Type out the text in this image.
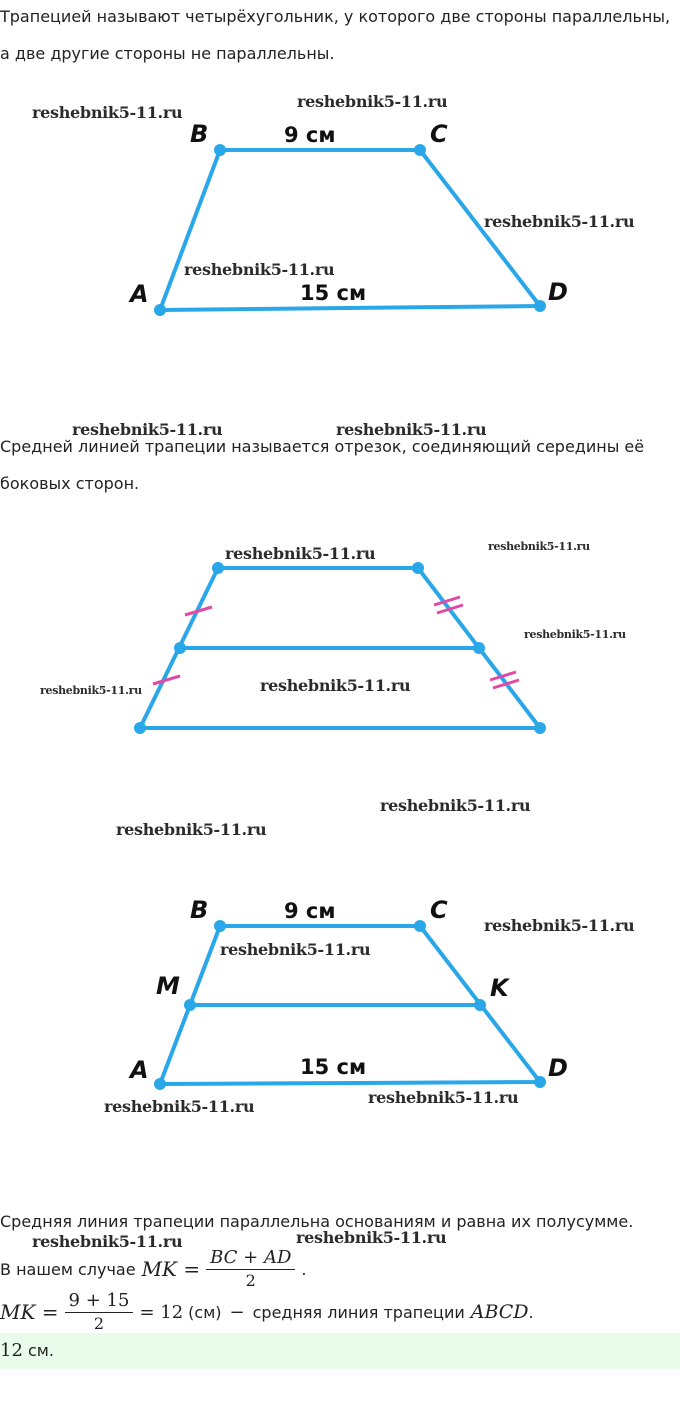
Трапецией называют четырёхугольник, у которого две стороны параллельны,

а две другие стороны не параллельны.

B	C
A	D
9 см
15 см

Средней линией трапеции называется отрезок, соединяющий середины её

боковых сторон.

B	C
M	K
A	D
9 см
15 см

Средняя линия трапеции параллельна основаниям и равна их полусумме.

В нашем случае MK = $\frac{BC + AD}{2}$ .
MK = $\frac{9 + 15}{2} = 12$ (см) − средняя линия трапеции ABCD .
12 см.
reshebnik5-11.ru
reshebnik5-11.ru
reshebnik5-11.ru
reshebnik5-11.ru
reshebnik5-11.ru	reshebnik5-11.ru
reshebnik5-11.ru	reshebnik5-11.ru
reshebnik5-11.ru
reshebnik5-11.ru	reshebnik5-11.ru
reshebnik5-11.ru
reshebnik5-11.ru
reshebnik5-11.ru
reshebnik5-11.ru
reshebnik5-11.ru	reshebnik5-11.ru
reshebnik5-11.ru	reshebnik5-11.ru
